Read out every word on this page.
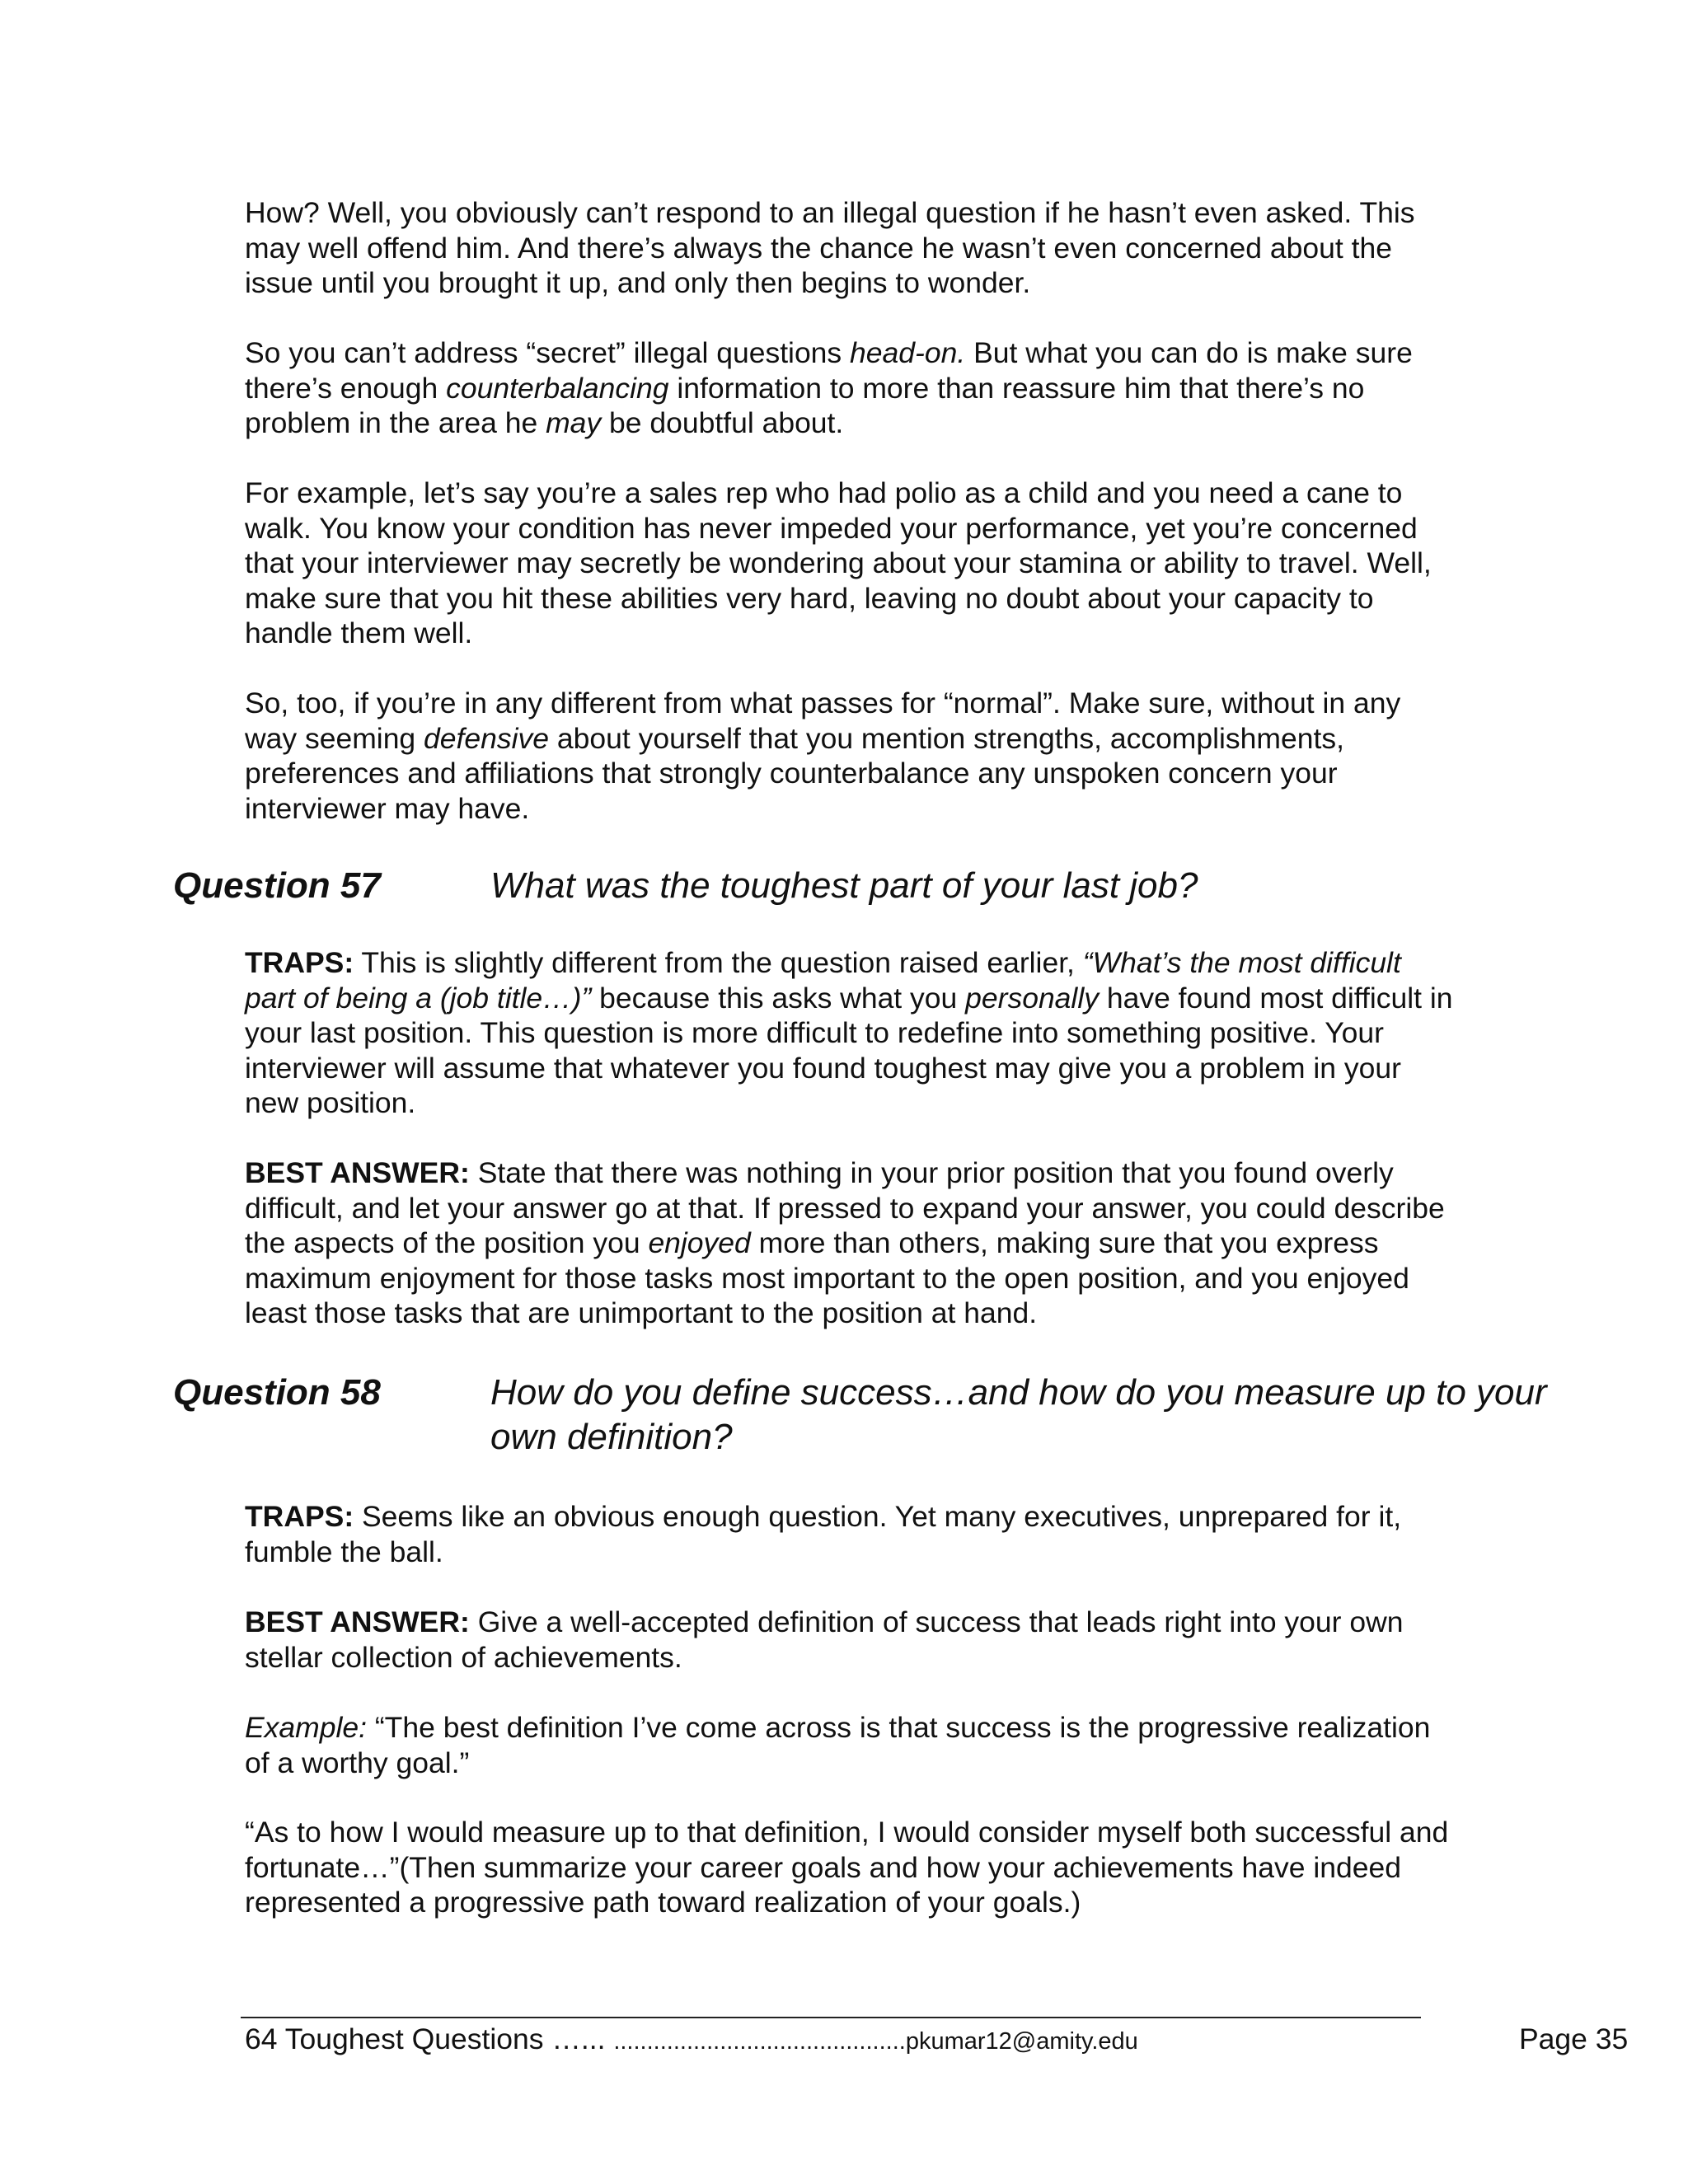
How? Well, you obviously can’t respond to an illegal question if he hasn’t even asked. This may well offend him. And there’s always the chance he wasn’t even concerned about the issue until you brought it up, and only then begins to wonder.

So you can’t address “secret” illegal questions head-on. But what you can do is make sure there’s enough counterbalancing information to more than reassure him that there’s no problem in the area he may be doubtful about.

For example, let’s say you’re a sales rep who had polio as a child and you need a cane to walk. You know your condition has never impeded your performance, yet you’re concerned that your interviewer may secretly be wondering about your stamina or ability to travel. Well, make sure that you hit these abilities very hard, leaving no doubt about your capacity to handle them well.

So, too, if you’re in any different from what passes for “normal”. Make sure, without in any way seeming defensive about yourself that you mention strengths, accomplishments, preferences and affiliations that strongly counterbalance any unspoken concern your interviewer may have.

Question 57	What was the toughest part of your last job?

TRAPS: This is slightly different from the question raised earlier, “What’s the most difficult part of being a (job title…)” because this asks what you personally have found most difficult in your last position. This question is more difficult to redefine into something positive. Your interviewer will assume that whatever you found toughest may give you a problem in your new position.

BEST ANSWER: State that there was nothing in your prior position that you found overly difficult, and let your answer go at that. If pressed to expand your answer, you could describe the aspects of the position you enjoyed more than others, making sure that you express maximum enjoyment for those tasks most important to the open position, and you enjoyed least those tasks that are unimportant to the position at hand.

Question 58	How do you define success…and how do you measure up to your own definition?

TRAPS: Seems like an obvious enough question. Yet many executives, unprepared for it, fumble the ball.

BEST ANSWER: Give a well-accepted definition of success that leads right into your own stellar collection of achievements.

Example: “The best definition I’ve come across is that success is the progressive realization of a worthy goal.”

“As to how I would measure up to that definition, I would consider myself both successful and fortunate…”(Then summarize your career goals and how your achievements have indeed represented a progressive path toward realization of your goals.)

64 Toughest Questions …... ............................................pkumar12@amity.edu	Page 35
